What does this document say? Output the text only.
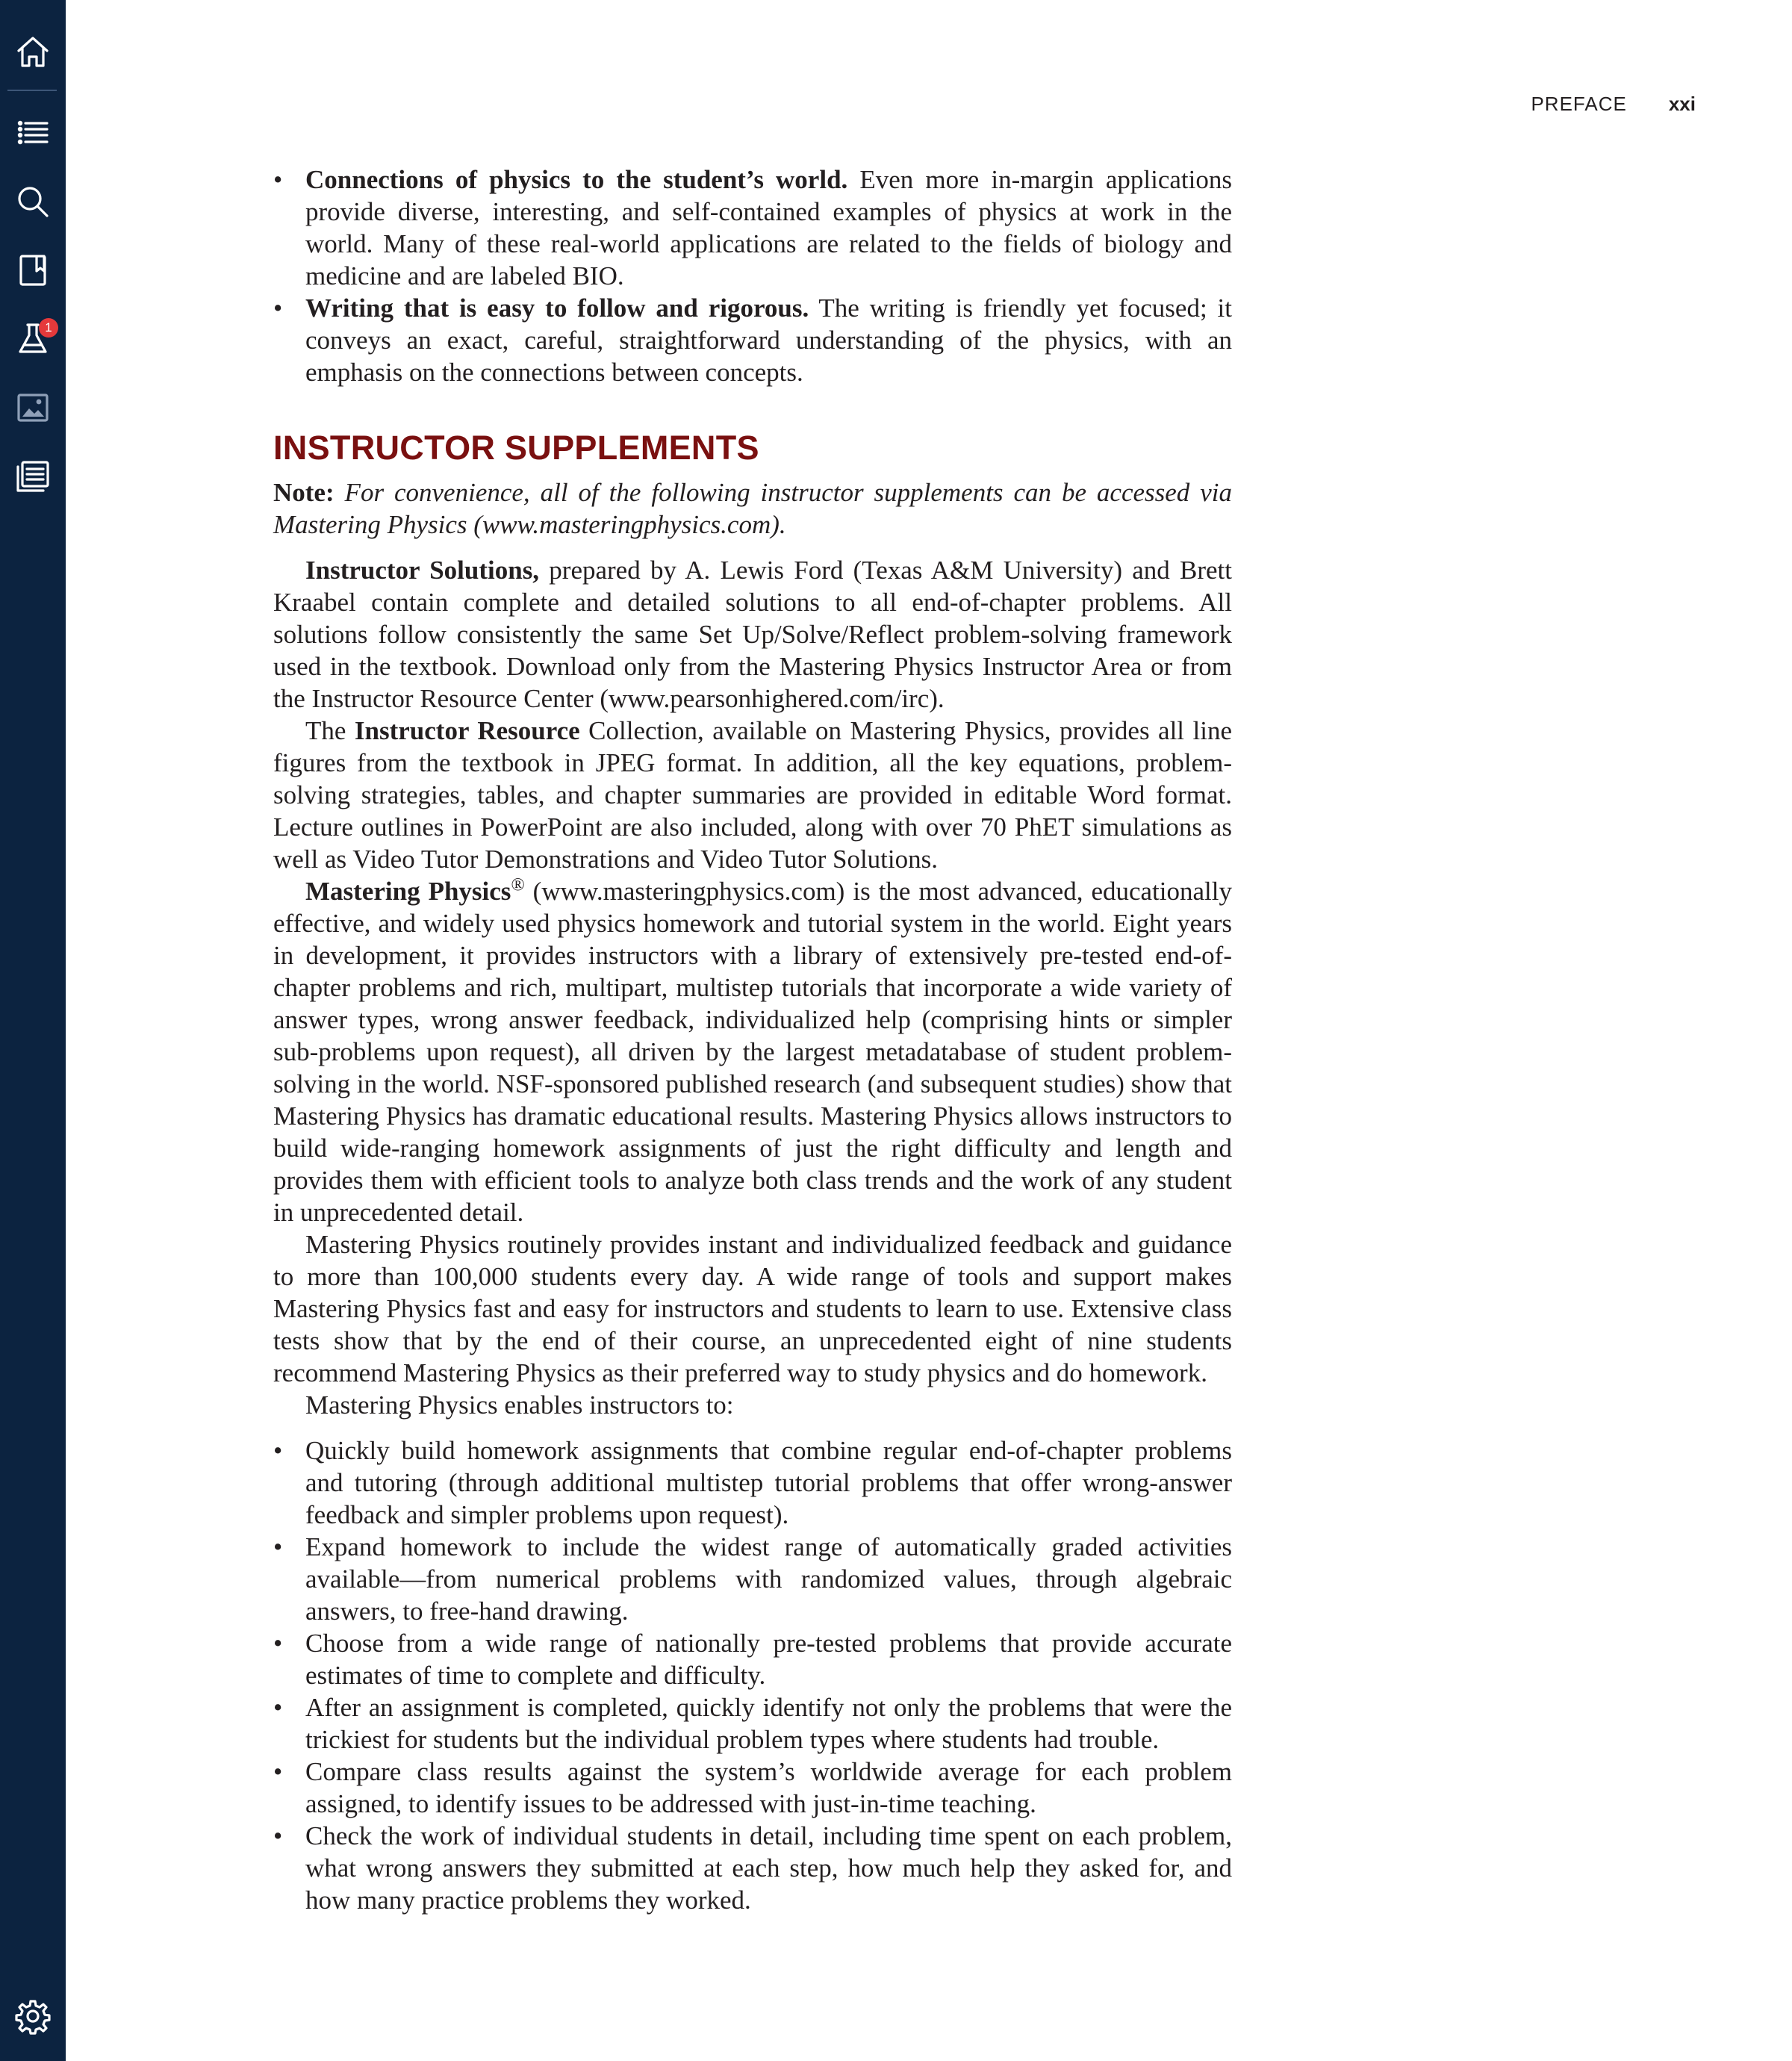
1
PREFACE xxi
• Connections of physics to the student’s world. Even more in-margin applications provide diverse, interesting, and self-contained examples of physics at work in the world. Many of these real-world applications are related to the fields of biology and medicine and are labeled BIO.
• Writing that is easy to follow and rigorous. The writing is friendly yet focused; it conveys an exact, careful, straightforward understanding of the physics, with an emphasis on the connections between concepts.
INSTRUCTOR SUPPLEMENTS

Note: For convenience, all of the following instructor supplements can be accessed via Mastering Physics (www.masteringphysics.com).

Instructor Solutions, prepared by A. Lewis Ford (Texas A&M University) and Brett Kraabel contain complete and detailed solutions to all end-of-chapter problems. All solutions follow consistently the same Set Up/Solve/Reflect problem-solving framework used in the textbook. Download only from the Mastering Physics Instructor Area or from the Instructor Resource Center (www.pearsonhighered.com/irc).

The Instructor Resource Collection, available on Mastering Physics, provides all line figures from the textbook in JPEG format. In addition, all the key equations, problem-solving strategies, tables, and chapter summaries are provided in editable Word format. Lecture outlines in PowerPoint are also included, along with over 70 PhET simulations as well as Video Tutor Demonstrations and Video Tutor Solutions.

Mastering Physics® (www.masteringphysics.com) is the most advanced, educationally effective, and widely used physics homework and tutorial system in the world. Eight years in development, it provides instructors with a library of extensively pre-tested end-of-chapter problems and rich, multipart, multistep tutorials that incorporate a wide variety of answer types, wrong answer feedback, individualized help (comprising hints or simpler sub-problems upon request), all driven by the largest metadatabase of student problem-solving in the world. NSF-sponsored published research (and subsequent studies) show that Mastering Physics has dramatic educational results. Mastering Physics allows instructors to build wide-ranging homework assignments of just the right difficulty and length and provides them with efficient tools to analyze both class trends and the work of any student in unprecedented detail.

Mastering Physics routinely provides instant and individualized feedback and guidance to more than 100,000 students every day. A wide range of tools and support makes Mastering Physics fast and easy for instructors and students to learn to use. Extensive class tests show that by the end of their course, an unprecedented eight of nine students recommend Mastering Physics as their preferred way to study physics and do homework.

Mastering Physics enables instructors to:

• Quickly build homework assignments that combine regular end-of-chapter problems and tutoring (through additional multistep tutorial problems that offer wrong-answer feedback and simpler problems upon request).
• Expand homework to include the widest range of automatically graded activities available—from numerical problems with randomized values, through algebraic answers, to free-hand drawing.
• Choose from a wide range of nationally pre-tested problems that provide accurate estimates of time to complete and difficulty.
• After an assignment is completed, quickly identify not only the problems that were the trickiest for students but the individual problem types where students had trouble.
• Compare class results against the system’s worldwide average for each problem assigned, to identify issues to be addressed with just-in-time teaching.
• Check the work of individual students in detail, including time spent on each problem, what wrong answers they submitted at each step, how much help they asked for, and how many practice problems they worked.
